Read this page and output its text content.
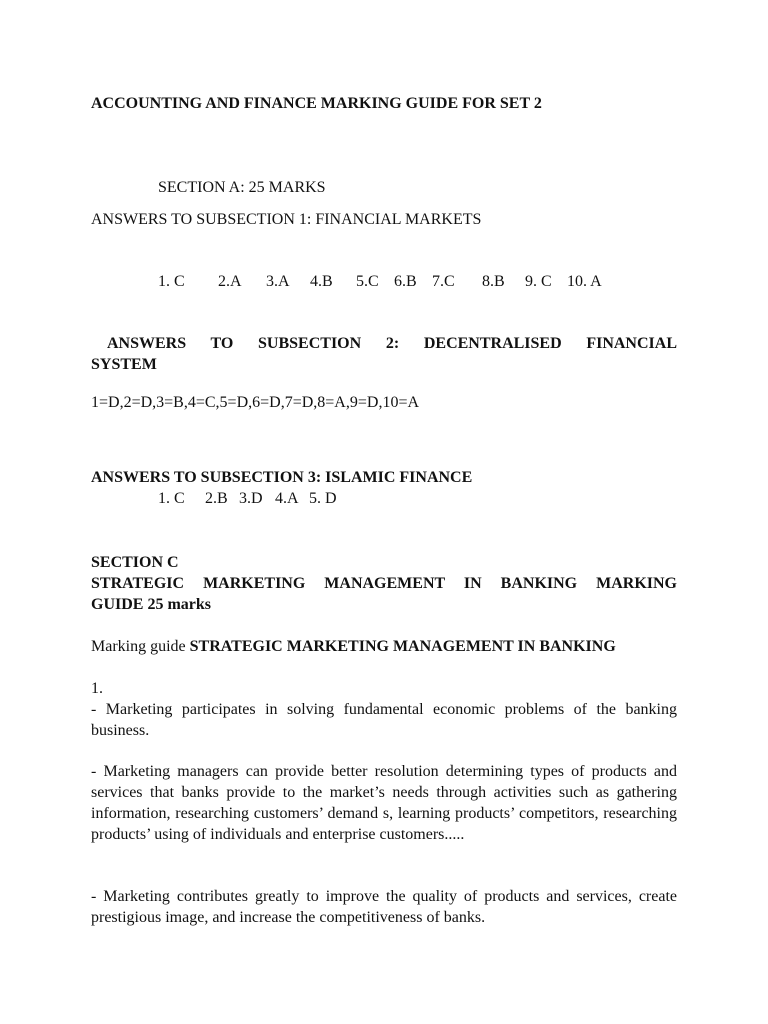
ACCOUNTING AND FINANCE MARKING GUIDE FOR SET 2
SECTION A: 25 MARKS
ANSWERS TO SUBSECTION 1: FINANCIAL MARKETS
1. C 2.A 3.A 4.B 5.C 6.B 7.C 8.B 9. C 10. A
ANSWERS TO SUBSECTION 2: DECENTRALISED FINANCIAL
SYSTEM
1=D,2=D,3=B,4=C,5=D,6=D,7=D,8=A,9=D,10=A
ANSWERS TO SUBSECTION 3: ISLAMIC FINANCE
1. C 2.B 3.D 4.A 5. D
SECTION C
STRATEGIC MARKETING MANAGEMENT IN BANKING MARKING
GUIDE 25 marks
Marking guide STRATEGIC MARKETING MANAGEMENT IN BANKING
1.
- Marketing participates in solving fundamental economic problems of the banking business.
- Marketing managers can provide better resolution determining types of products and services that banks provide to the market’s needs through activities such as gathering information, researching customers’ demand s, learning products’ competitors, researching products’ using of individuals and enterprise customers.....
- Marketing contributes greatly to improve the quality of products and services, create prestigious image, and increase the competitiveness of banks.
